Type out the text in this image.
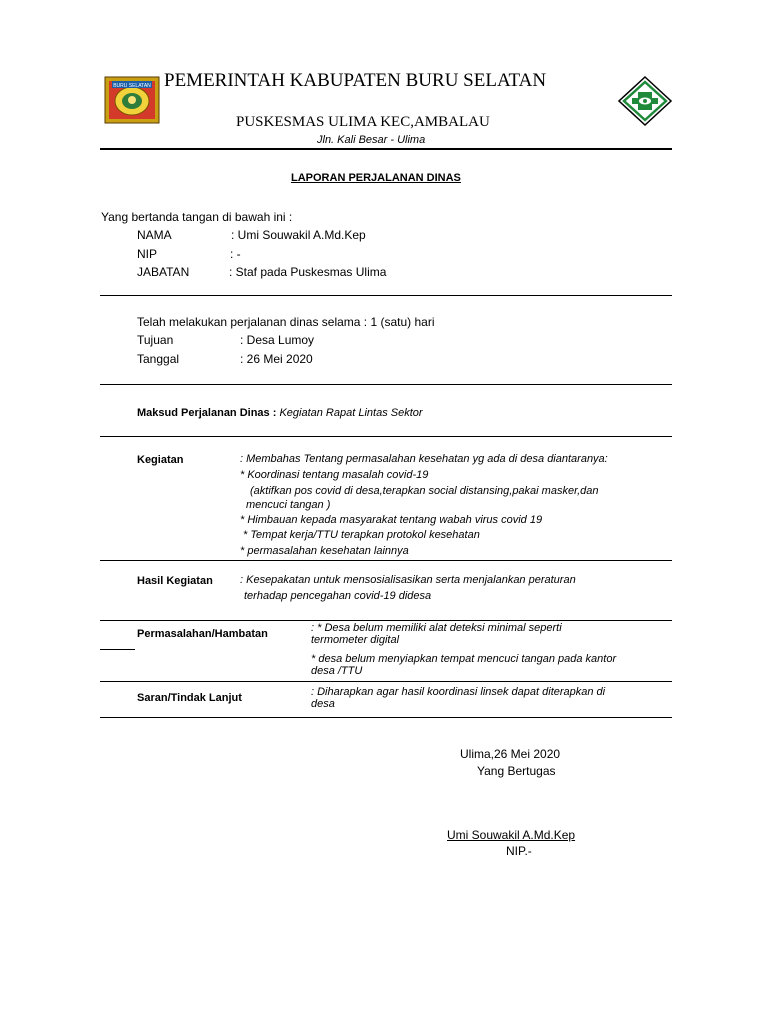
BURU SELATAN PEMERINTAH KABUPATEN BURU SELATAN
PUSKESMAS ULIMA KEC,AMBALAU
Jln. Kali Besar - Ulima
LAPORAN PERJALANAN DINAS
Yang bertanda tangan di bawah ini :
NAMA	: Umi Souwakil A.Md.Kep
NIP	: -
JABATAN	: Staf pada Puskesmas Ulima
Telah melakukan perjalanan dinas selama : 1 (satu) hari
Tujuan	: Desa Lumoy
Tanggal	: 26 Mei 2020
Maksud Perjalanan Dinas : Kegiatan Rapat Lintas Sektor
Kegiatan	: Membahas Tentang permasalahan kesehatan yg ada di desa diantaranya:
* Koordinasi tentang masalah covid-19
(aktifkan pos covid di desa,terapkan social distansing,pakai masker,dan
mencuci tangan )
* Himbauan kepada masyarakat tentang wabah virus covid 19
* Tempat kerja/TTU terapkan protokol kesehatan
* permasalahan kesehatan lainnya
Hasil Kegiatan : Kesepakatan untuk mensosialisasikan serta menjalankan peraturan
terhadap pencegahan covid-19 didesa
Permasalahan/Hambatan	: * Desa belum memiliki alat deteksi minimal seperti
termometer digital
* desa belum menyiapkan tempat mencuci tangan pada kantor
desa /TTU
Saran/Tindak Lanjut	: Diharapkan agar hasil koordinasi linsek dapat diterapkan di
desa
Ulima,26 Mei 2020
Yang Bertugas
Umi Souwakil A.Md.Kep
NIP.-
